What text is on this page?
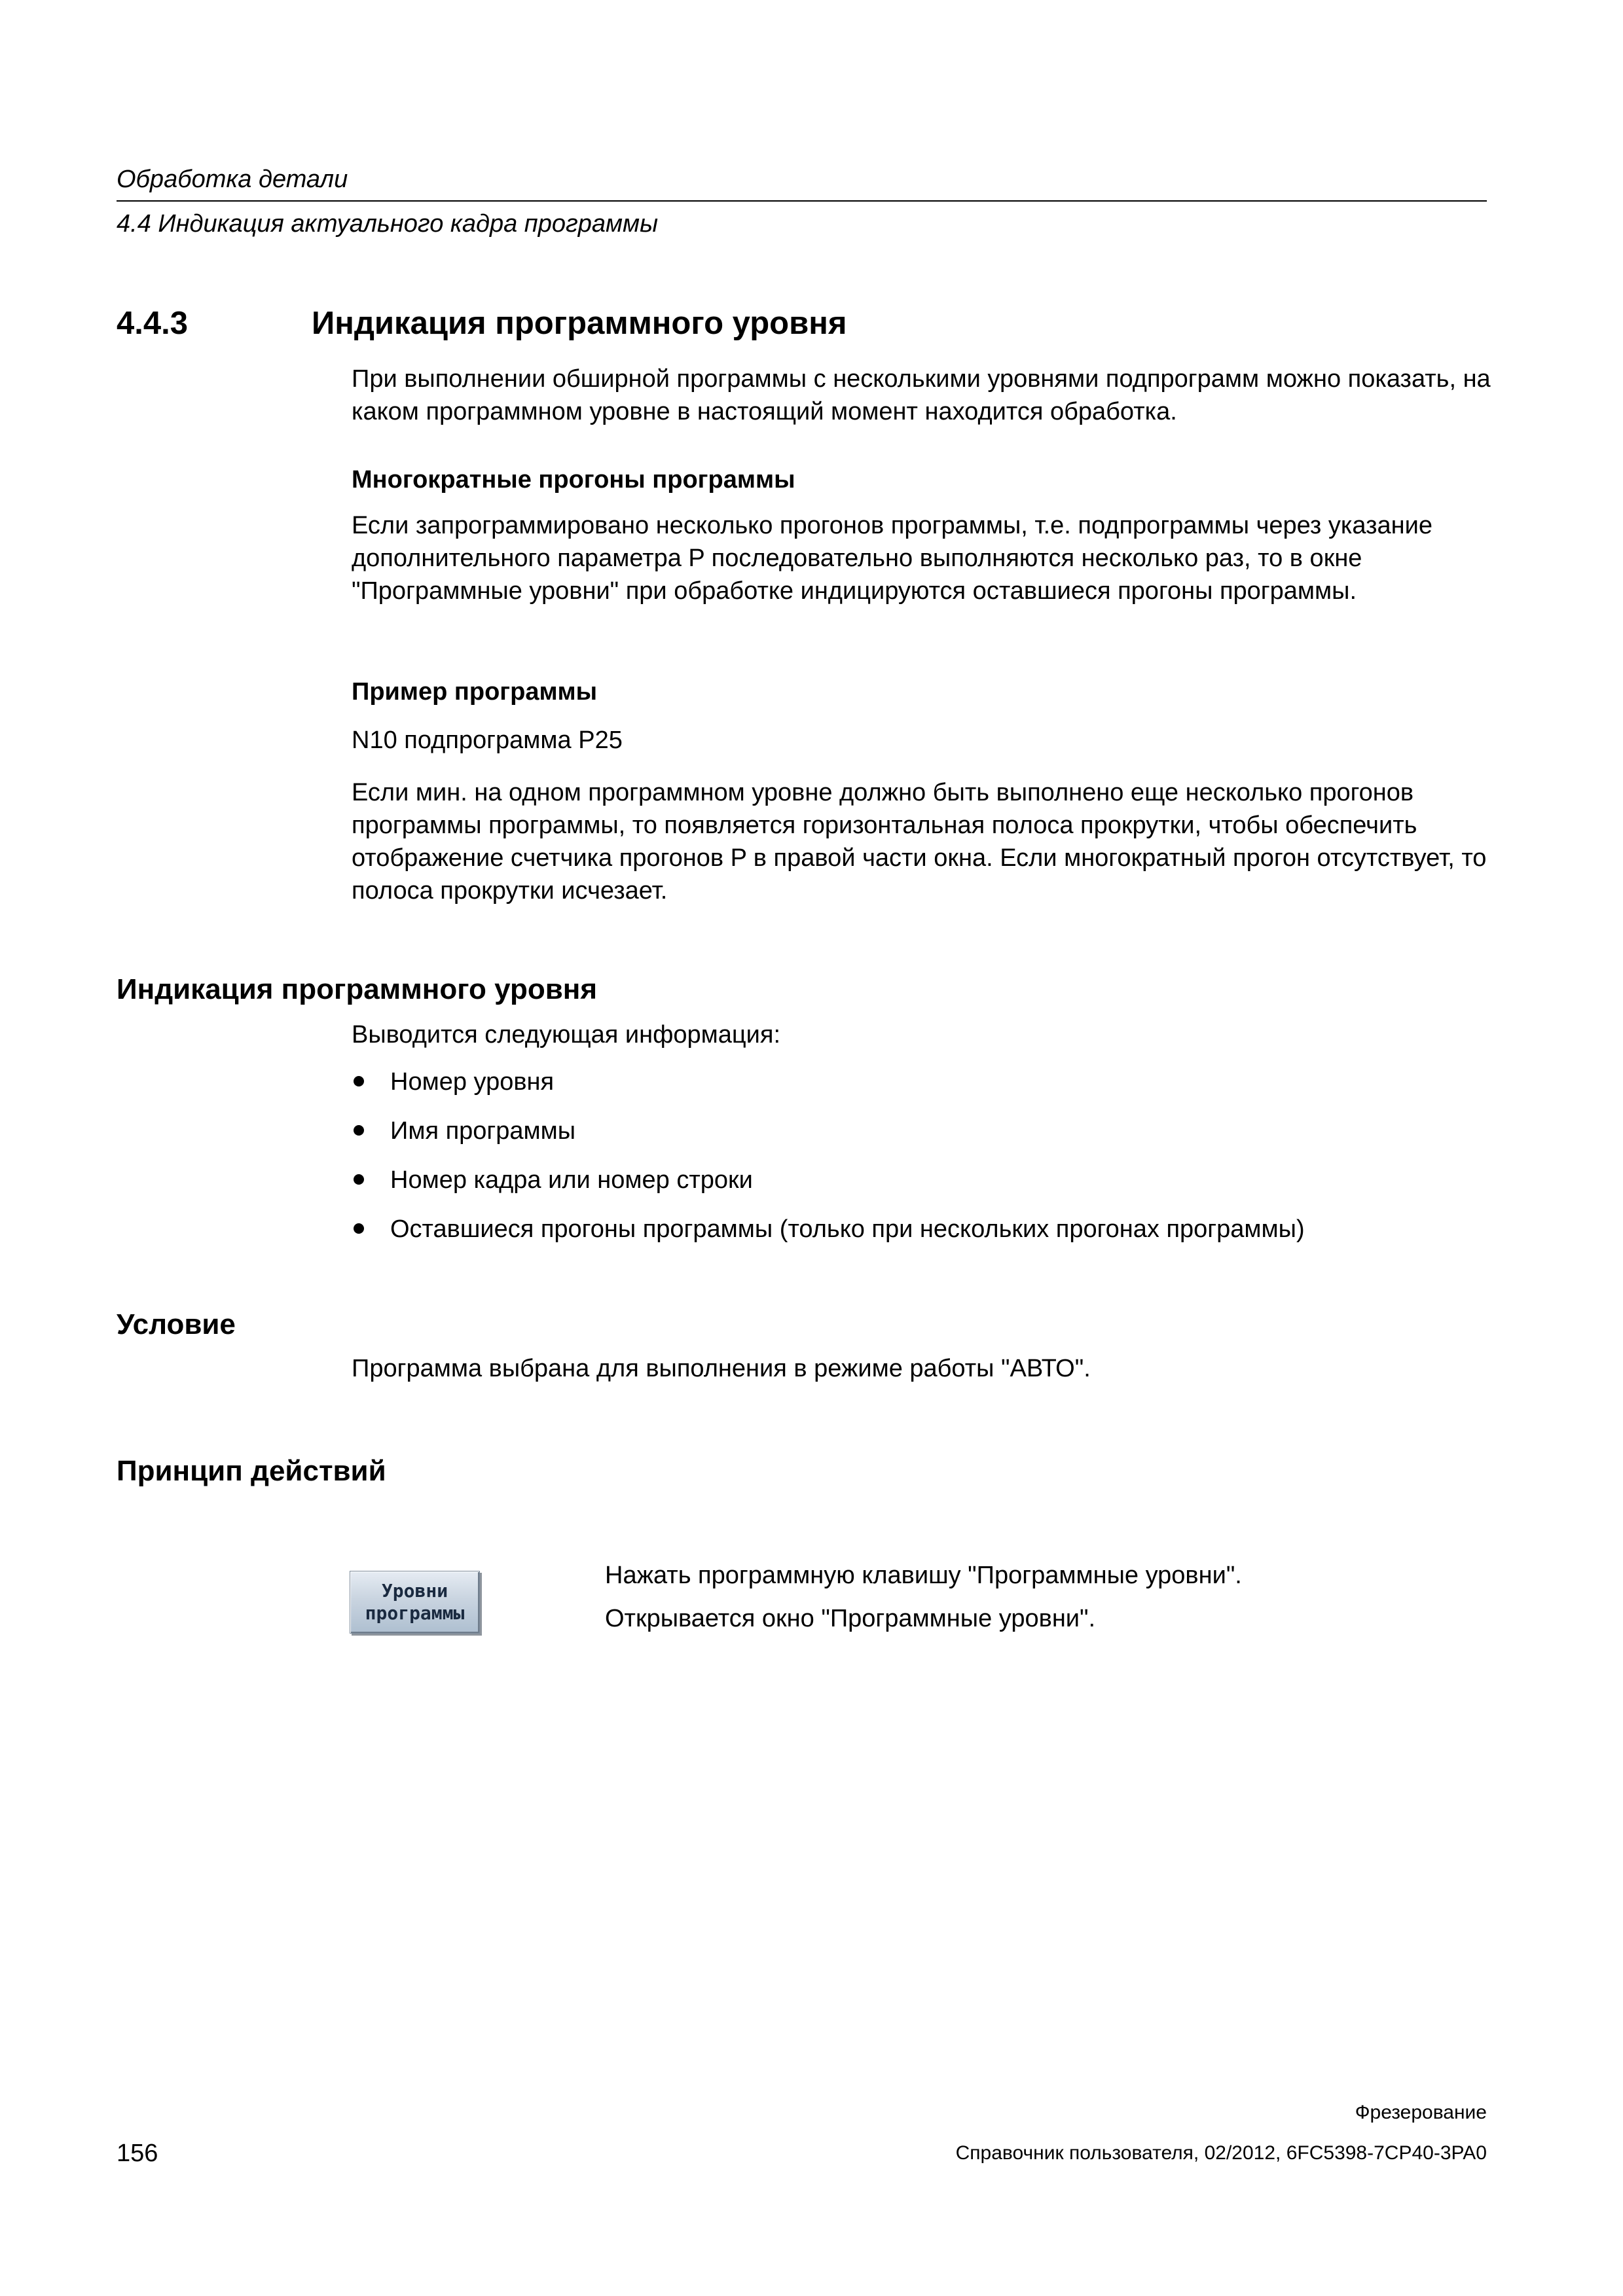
Обработка детали
4.4 Индикация актуального кадра программы
4.4.3	Индикация программного уровня

При выполнении обширной программы с несколькими уровнями подпрограмм можно показать, на каком программном уровне в настоящий момент находится обработка.

Многократные прогоны программы

Если запрограммировано несколько прогонов программы, т.е. подпрограммы через указание дополнительного параметра P последовательно выполняются несколько раз, то в окне "Программные уровни" при обработке индицируются оставшиеся прогоны программы.

Пример программы
N10 подпрограмма P25

Если мин. на одном программном уровне должно быть выполнено еще несколько прогонов программы программы, то появляется горизонтальная полоса прокрутки, чтобы обеспечить отображение счетчика прогонов P в правой части окна. Если многократный прогон отсутствует, то полоса прокрутки исчезает.

Индикация программного уровня
Выводится следующая информация:
Номер уровня
Имя программы
Номер кадра или номер строки
Оставшиеся прогоны программы (только при нескольких прогонах программы)
Условие
Программа выбрана для выполнения в режиме работы "АВТО".
Принцип действий
Уровни
программы
Нажать программную клавишу "Программные уровни".
Открывается окно "Программные уровни".
Фрезерование
156	Справочник пользователя, 02/2012, 6FC5398-7CP40-3PA0
